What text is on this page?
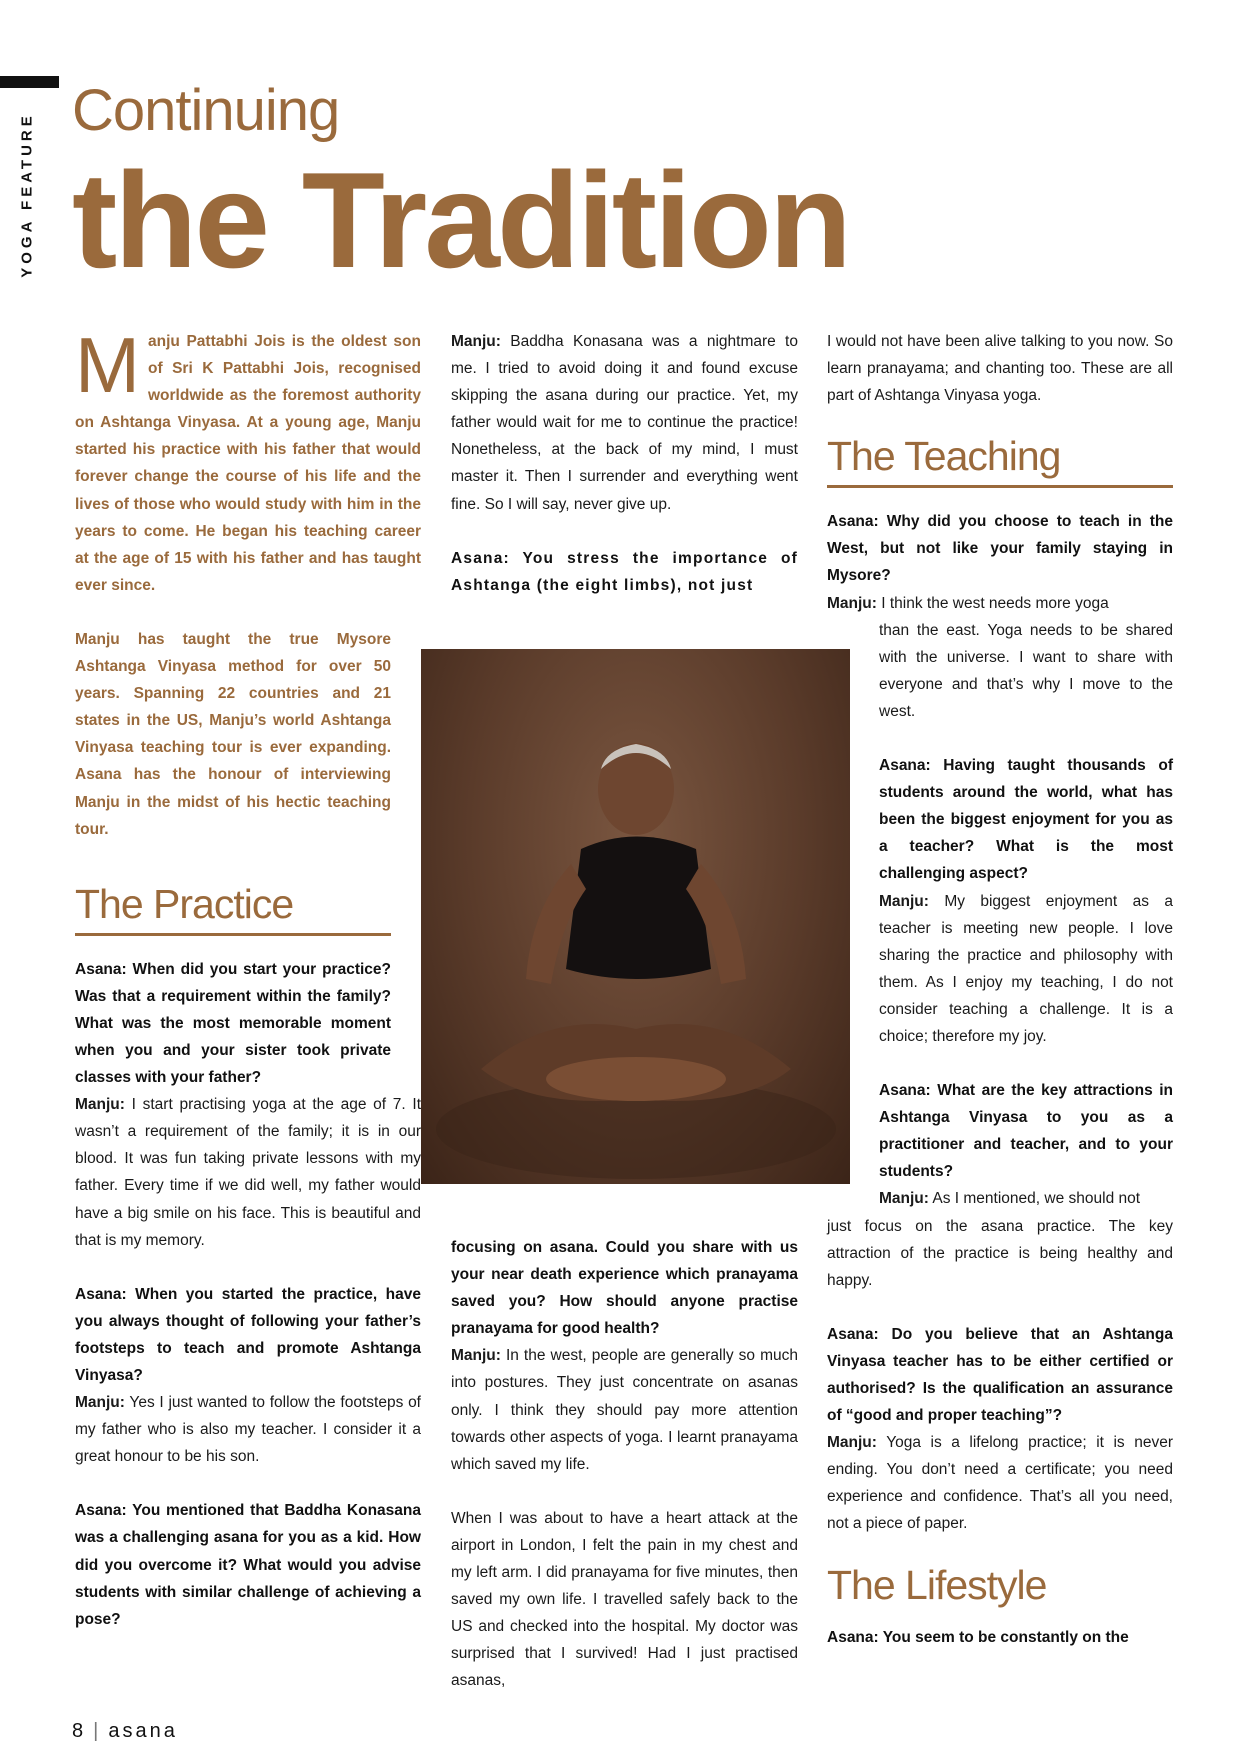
YOGA FEATURE
Continuing
the Tradition

Manju Pattabhi Jois is the oldest son of Sri K Pattabhi Jois, recognised worldwide as the foremost authority on Ashtanga Vinyasa. At a young age, Manju started his practice with his father that would forever change the course of his life and the lives of those who would study with him in the years to come. He began his teaching career at the age of 15 with his father and has taught ever since.

Manju has taught the true Mysore Ashtanga Vinyasa method for over 50 years. Spanning 22 countries and 21 states in the US, Manju’s world Ashtanga Vinyasa teaching tour is ever expanding. Asana has the honour of interviewing Manju in the midst of his hectic teaching tour.

The Practice

Asana: When did you start your practice? Was that a requirement within the family? What was the most memorable moment when you and your sister took private classes with your father?

Manju: I start practising yoga at the age of 7. It wasn’t a requirement of the family; it is in our blood. It was fun taking private lessons with my father. Every time if we did well, my father would have a big smile on his face. This is beautiful and that is my memory.

Asana: When you started the practice, have you always thought of following your father’s footsteps to teach and promote Ashtanga Vinyasa?

Manju: Yes I just wanted to follow the footsteps of my father who is also my teacher. I consider it a great honour to be his son.

Asana: You mentioned that Baddha Konasana was a challenging asana for you as a kid. How did you overcome it? What would you advise students with similar challenge of achieving a pose?

Manju: Baddha Konasana was a nightmare to me. I tried to avoid doing it and found excuse skipping the asana during our practice. Yet, my father would wait for me to continue the practice! Nonetheless, at the back of my mind, I must master it. Then I surrender and everything went fine. So I will say, never give up.

Asana: You stress the importance of Ashtanga (the eight limbs), not just

focusing on asana. Could you share with us your near death experience which pranayama saved you? How should anyone practise pranayama for good health?

Manju: In the west, people are generally so much into postures. They just concentrate on asanas only. I think they should pay more attention towards other aspects of yoga. I learnt pranayama which saved my life.

When I was about to have a heart attack at the airport in London, I felt the pain in my chest and my left arm. I did pranayama for five minutes, then saved my own life. I travelled safely back to the US and checked into the hospital. My doctor was surprised that I survived! Had I just practised asanas,

I would not have been alive talking to you now. So learn pranayama; and chanting too. These are all part of Ashtanga Vinyasa yoga.

The Teaching

Asana: Why did you choose to teach in the West, but not like your family staying in Mysore?

Manju: I think the west needs more yoga

than the east. Yoga needs to be shared with the universe. I want to share with everyone and that’s why I move to the west.

Asana: Having taught thousands of students around the world, what has been the biggest enjoyment for you as a teacher? What is the most challenging aspect?

Manju: My biggest enjoyment as a teacher is meeting new people. I love sharing the practice and philosophy with them. As I enjoy my teaching, I do not consider teaching a challenge. It is a choice; therefore my joy.

Asana: What are the key attractions in Ashtanga Vinyasa to you as a practitioner and teacher, and to your students?

Manju: As I mentioned, we should not

just focus on the asana practice. The key attraction of the practice is being healthy and happy.

Asana: Do you believe that an Ashtanga Vinyasa teacher has to be either certified or authorised? Is the qualification an assurance of “good and proper teaching”?

Manju: Yoga is a lifelong practice; it is never ending. You don’t need a certificate; you need experience and confidence. That’s all you need, not a piece of paper.

The Lifestyle

Asana: You seem to be constantly on the

8 | asana
